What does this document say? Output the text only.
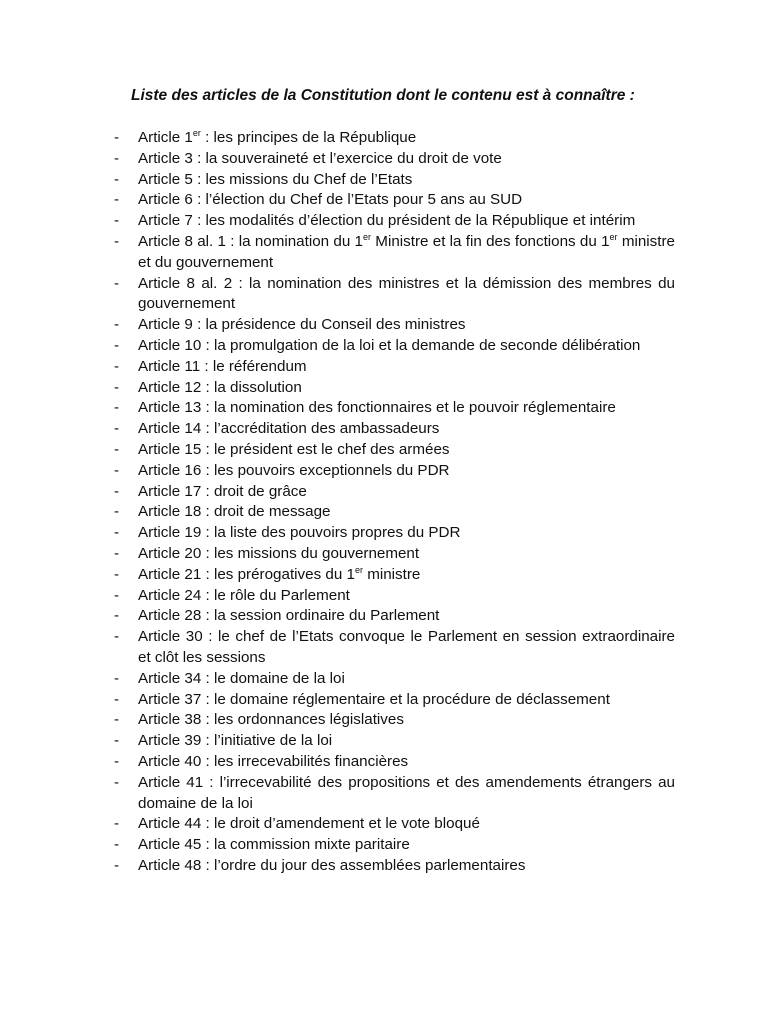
Liste des articles de la Constitution dont le contenu est à connaître :
- Article 1er : les principes de la République
- Article 3 : la souveraineté et l’exercice du droit de vote
- Article 5 : les missions du Chef de l’Etats
- Article 6 : l’élection du Chef de l’Etats pour 5 ans au SUD
- Article 7 : les modalités d’élection du président de la République et intérim
- Article 8 al. 1 : la nomination du 1er Ministre et la fin des fonctions du 1er ministre et du gouvernement
- Article 8 al. 2 : la nomination des ministres et la démission des membres du gouvernement
- Article 9 : la présidence du Conseil des ministres
- Article 10 : la promulgation de la loi et la demande de seconde délibération
- Article 11 : le référendum
- Article 12 : la dissolution
- Article 13 : la nomination des fonctionnaires et le pouvoir réglementaire
- Article 14 : l’accréditation des ambassadeurs
- Article 15 : le président est le chef des armées
- Article 16 : les pouvoirs exceptionnels du PDR
- Article 17 : droit de grâce
- Article 18 : droit de message
- Article 19 : la liste des pouvoirs propres du PDR
- Article 20 : les missions du gouvernement
- Article 21 : les prérogatives du 1er ministre
- Article 24 : le rôle du Parlement
- Article 28 : la session ordinaire du Parlement
- Article 30 : le chef de l’Etats convoque le Parlement en session extraordinaire et clôt les sessions
- Article 34 : le domaine de la loi
- Article 37 : le domaine réglementaire et la procédure de déclassement
- Article 38 : les ordonnances législatives
- Article 39 : l’initiative de la loi
- Article 40 : les irrecevabilités financières
- Article 41 : l’irrecevabilité des propositions et des amendements étrangers au domaine de la loi
- Article 44 : le droit d’amendement et le vote bloqué
- Article 45 : la commission mixte paritaire
- Article 48 : l’ordre du jour des assemblées parlementaires
